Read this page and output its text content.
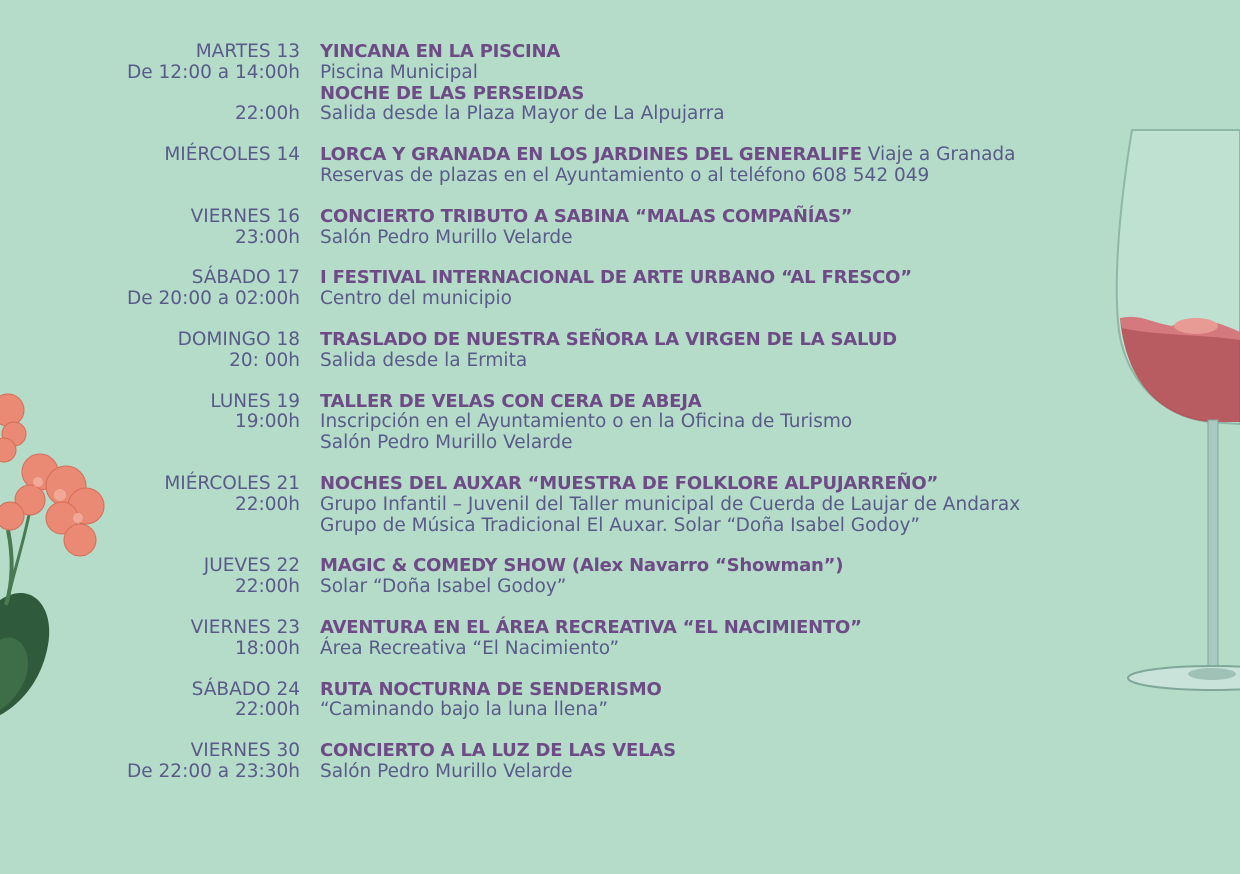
MARTES 13 YINCANA EN LA PISCINA
De 12:00 a 14:00h Piscina Municipal
NOCHE DE LAS PERSEIDAS
22:00h Salida desde la Plaza Mayor de La Alpujarra
MIÉRCOLES 14 LORCA Y GRANADA EN LOS JARDINES DEL GENERALIFE Viaje a Granada
Reservas de plazas en el Ayuntamiento o al teléfono 608 542 049
VIERNES 16 CONCIERTO TRIBUTO A SABINA “MALAS COMPAÑÍAS”
23:00h Salón Pedro Murillo Velarde
SÁBADO 17 I FESTIVAL INTERNACIONAL DE ARTE URBANO “AL FRESCO”
De 20:00 a 02:00h Centro del municipio
DOMINGO 18 TRASLADO DE NUESTRA SEÑORA LA VIRGEN DE LA SALUD
20: 00h Salida desde la Ermita
LUNES 19 TALLER DE VELAS CON CERA DE ABEJA
19:00h Inscripción en el Ayuntamiento o en la Oficina de Turismo
Salón Pedro Murillo Velarde
MIÉRCOLES 21 NOCHES DEL AUXAR “MUESTRA DE FOLKLORE ALPUJARREÑO”
22:00h Grupo Infantil – Juvenil del Taller municipal de Cuerda de Laujar de Andarax
Grupo de Música Tradicional El Auxar. Solar “Doña Isabel Godoy”
JUEVES 22 MAGIC & COMEDY SHOW (Alex Navarro “Showman”)
22:00h Solar “Doña Isabel Godoy”
VIERNES 23 AVENTURA EN EL ÁREA RECREATIVA “EL NACIMIENTO”
18:00h Área Recreativa “El Nacimiento”
SÁBADO 24 RUTA NOCTURNA DE SENDERISMO
22:00h “Caminando bajo la luna llena”
VIERNES 30 CONCIERTO A LA LUZ DE LAS VELAS
De 22:00 a 23:30h Salón Pedro Murillo Velarde
